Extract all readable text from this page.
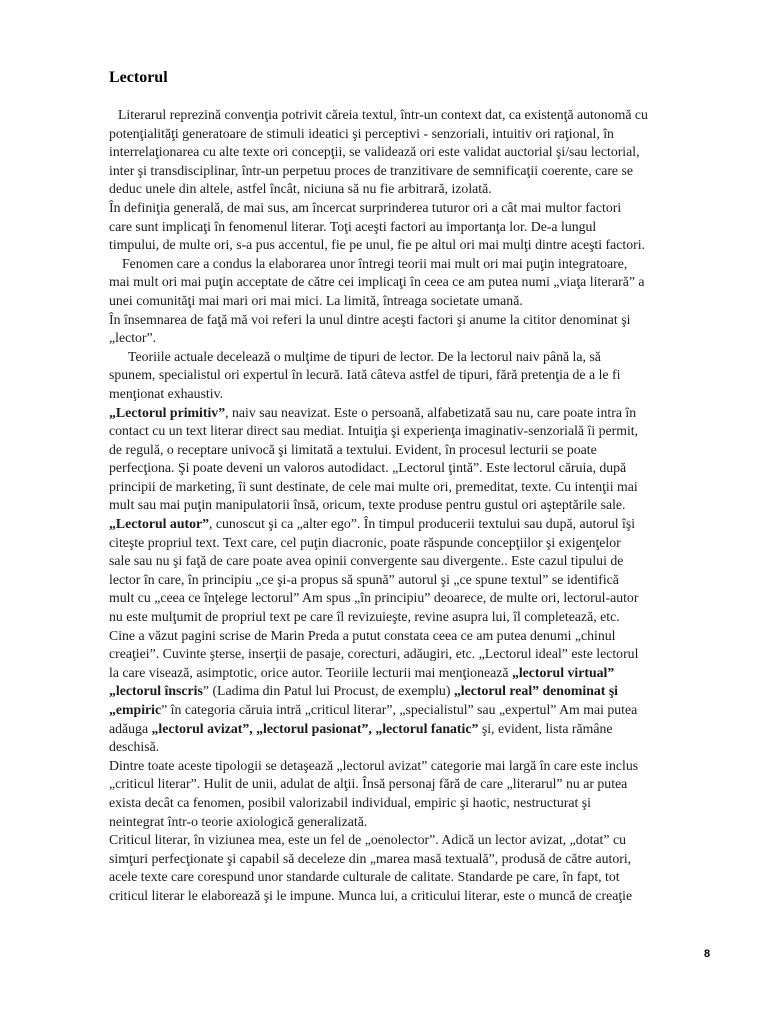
Lectorul
Literarul reprezină convenţia potrivit căreia textul, într-un context dat, ca existenţă autonomă cu
potenţialităţi generatoare de stimuli ideatici şi perceptivi - senzoriali, intuitiv ori raţional, în
interrelaţionarea cu alte texte ori concepţii, se validează ori este validat auctorial şi/sau lectorial,
inter şi transdisciplinar, într-un perpetuu proces de tranzitivare de semnificaţii coerente, care se
deduc unele din altele, astfel încât, niciuna să nu fie arbitrară, izolată.
În definiţia generală, de mai sus, am încercat surprinderea tuturor ori a cât mai multor factori
care sunt implicaţi în fenomenul literar. Toţi aceşti factori au importanţa lor. De-a lungul
timpului, de multe ori, s-a pus accentul, fie pe unul, fie pe altul ori mai mulţi dintre aceşti factori.
Fenomen care a condus la elaborarea unor întregi teorii mai mult ori mai puţin integratoare,
mai mult ori mai puţin acceptate de către cei implicaţi în ceea ce am putea numi „viaţa literară” a
unei comunităţi mai mari ori mai mici. La limită, întreaga societate umană.
În însemnarea de faţă mă voi referi la unul dintre aceşti factori şi anume la cititor denominat şi
„lector”.
Teoriile actuale decelează o mulţime de tipuri de lector. De la lectorul naiv până la, să
spunem, specialistul ori expertul în lecură. Iată câteva astfel de tipuri, fără pretenţia de a le fi
menţionat exhaustiv.
„Lectorul primitiv”, naiv sau neavizat. Este o persoană, alfabetizată sau nu, care poate intra în
contact cu un text literar direct sau mediat. Intuiţia şi experienţa imaginativ-senzorială îi permit,
de regulă, o receptare univocă şi limitată a textului. Evident, în procesul lecturii se poate
perfecţiona. Şi poate deveni un valoros autodidact. „Lectorul ţintă”. Este lectorul căruia, după
principii de marketing, îi sunt destinate, de cele mai multe ori, premeditat, texte. Cu intenţii mai
mult sau mai puţin manipulatorii însă, oricum, texte produse pentru gustul ori aşteptările sale.
„Lectorul autor”, cunoscut şi ca „alter ego”. În timpul producerii textului sau după, autorul îşi
citeşte propriul text. Text care, cel puţin diacronic, poate răspunde concepţiilor şi exigenţelor
sale sau nu şi faţă de care poate avea opinii convergente sau divergente.. Este cazul tipului de
lector în care, în principiu „ce şi-a propus să spună” autorul şi „ce spune textul” se identifică
mult cu „ceea ce înţelege lectorul” Am spus „în principiu” deoarece, de multe ori, lectorul-autor
nu este mulţumit de propriul text pe care îl revizuieşte, revine asupra lui, îl completează, etc.
Cine a văzut pagini scrise de Marin Preda a putut constata ceea ce am putea denumi „chinul
creaţiei”. Cuvinte şterse, inserţii de pasaje, corecturi, adăugiri, etc. „Lectorul ideal” este lectorul
la care visează, asimptotic, orice autor. Teoriile lecturii mai menţionează „lectorul virtual”
„lectorul înscris” (Ladima din Patul lui Procust, de exemplu) „lectorul real” denominat şi
„empiric” în categoria căruia intră „criticul literar”, „specialistul” sau „expertul” Am mai putea
adăuga „lectorul avizat”, „lectorul pasionat”, „lectorul fanatic” şi, evident, lista rămâne
deschisă.
Dintre toate aceste tipologii se detaşează „lectorul avizat” categorie mai largă în care este inclus
„criticul literar”. Hulit de unii, adulat de alţii. Însă personaj fără de care „literarul” nu ar putea
exista decât ca fenomen, posibil valorizabil individual, empiric şi haotic, nestructurat şi
neintegrat într-o teorie axiologică generalizată.
Criticul literar, în viziunea mea, este un fel de „oenolector”. Adică un lector avizat, „dotat” cu
simţuri perfecţionate şi capabil să deceleze din „marea masă textuală”, produsă de către autori,
acele texte care corespund unor standarde culturale de calitate. Standarde pe care, în fapt, tot
criticul literar le elaborează şi le impune. Munca lui, a criticului literar, este o muncă de creaţie
8
